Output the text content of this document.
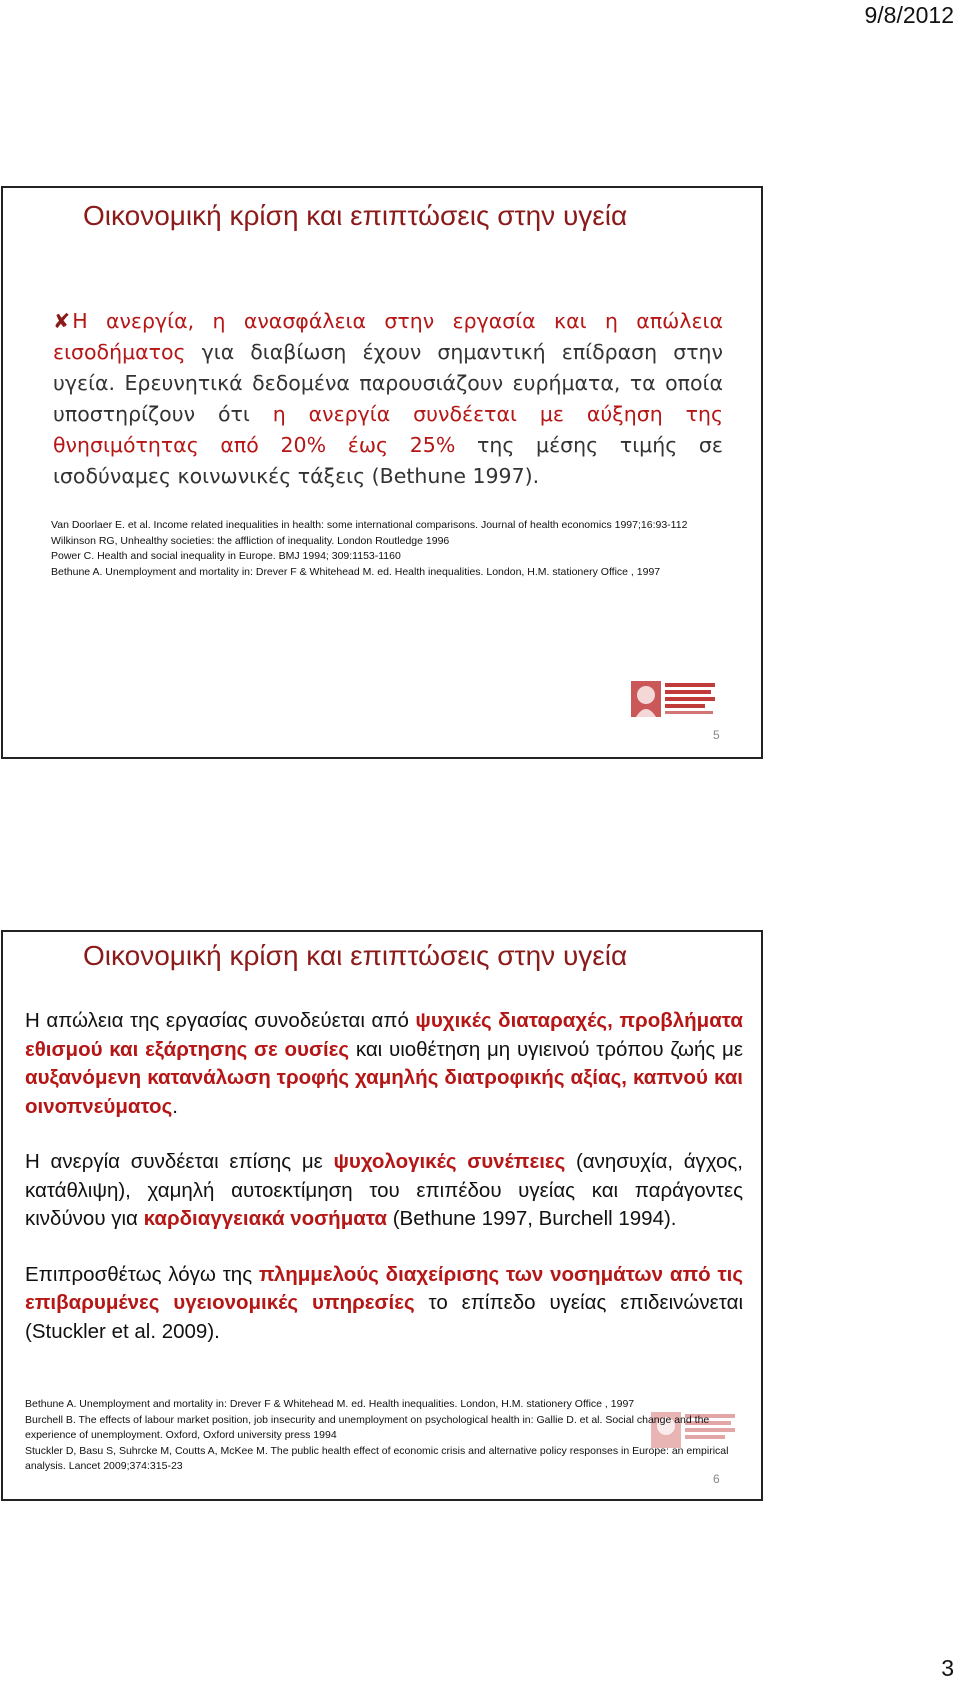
9/8/2012
Οικονομική κρίση και επιπτώσεις στην υγεία
✘Η ανεργία, η ανασφάλεια στην εργασία και η απώλεια εισοδήματος για διαβίωση έχουν σημαντική επίδραση στην υγεία. Ερευνητικά δεδομένα παρουσιάζουν ευρήματα, τα οποία υποστηρίζουν ότι η ανεργία συνδέεται με αύξηση της θνησιμότητας από 20% έως 25% της μέσης τιμής σε ισοδύναμες κοινωνικές τάξεις (Bethune 1997).
Van Doorlaer E. et al. Income related inequalities in health: some international comparisons. Journal of health economics 1997;16:93-112
Wilkinson RG, Unhealthy societies: the affliction of inequality. London Routledge 1996
Power C. Health and social inequality in Europe. BMJ 1994; 309:1153-1160
Bethune A. Unemployment and mortality in: Drever F & Whitehead M. ed. Health inequalities. London, H.M. stationery Office , 1997
5
Οικονομική κρίση και επιπτώσεις στην υγεία

Η απώλεια της εργασίας συνοδεύεται από ψυχικές διαταραχές, προβλήματα εθισμού και εξάρτησης σε ουσίες και υιοθέτηση μη υγιεινού τρόπου ζωής με αυξανόμενη κατανάλωση τροφής χαμηλής διατροφικής αξίας, καπνού και οινοπνεύματος.

Η ανεργία συνδέεται επίσης με ψυχολογικές συνέπειες (ανησυχία, άγχος, κατάθλιψη), χαμηλή αυτοεκτίμηση του επιπέδου υγείας και παράγοντες κινδύνου για καρδιαγγειακά νοσήματα (Bethune 1997, Burchell 1994).

Επιπροσθέτως λόγω της πλημμελούς διαχείρισης των νοσημάτων από τις επιβαρυμένες υγειονομικές υπηρεσίες το επίπεδο υγείας επιδεινώνεται (Stuckler et al. 2009).

Bethune A. Unemployment and mortality in: Drever F & Whitehead M. ed. Health inequalities. London, H.M. stationery Office , 1997
Burchell B. The effects of labour market position, job insecurity and unemployment on psychological health in: Gallie D. et al. Social change and the experience of unemployment. Oxford, Oxford university press 1994
Stuckler D, Basu S, Suhrcke M, Coutts A, McKee M. The public health effect of economic crisis and alternative policy responses in Europe: an empirical analysis. Lancet 2009;374:315-23
6
3
